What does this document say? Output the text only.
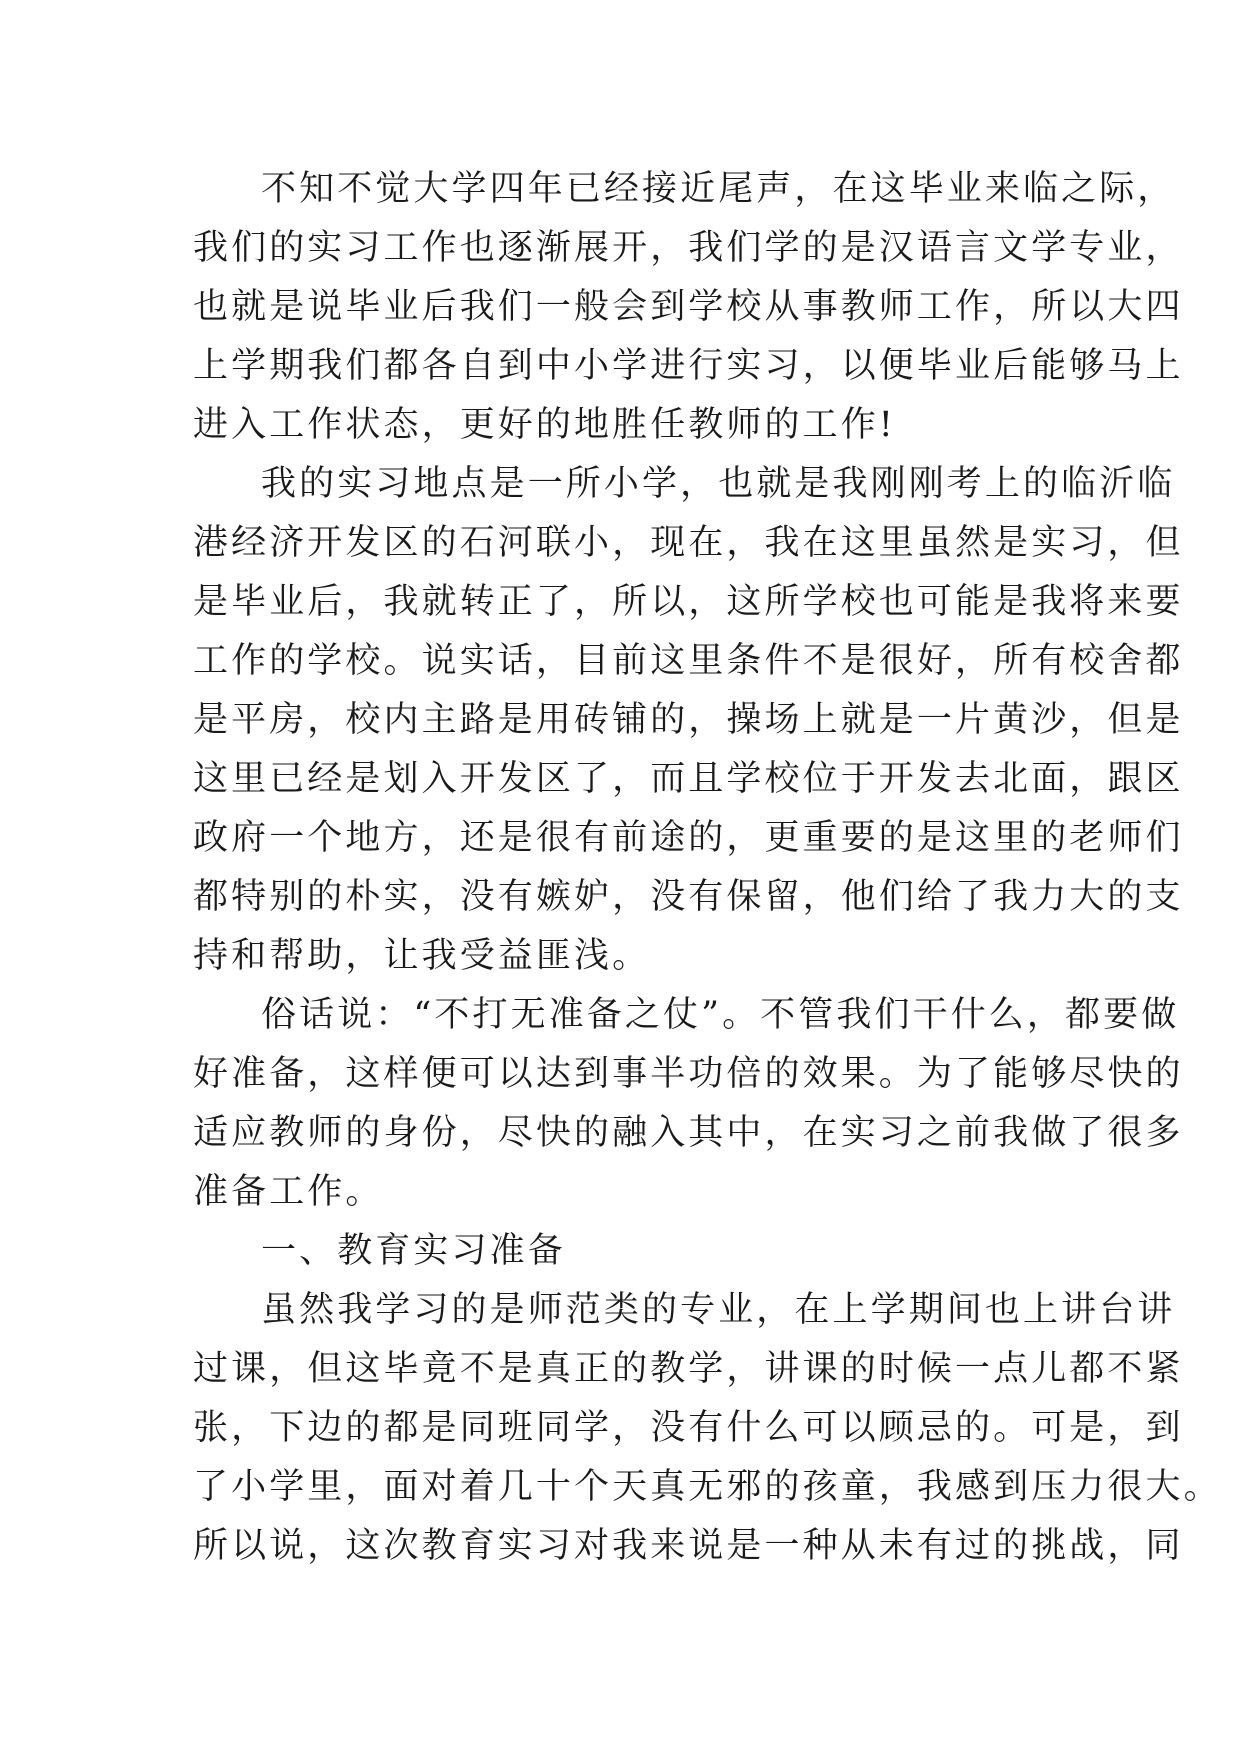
不知不觉大学四年已经接近尾声，在这毕业来临之际，
我们的实习工作也逐渐展开，我们学的是汉语言文学专业，
也就是说毕业后我们一般会到学校从事教师工作，所以大四
上学期我们都各自到中小学进行实习，以便毕业后能够马上
进入工作状态，更好的地胜任教师的工作!
我的实习地点是一所小学，也就是我刚刚考上的临沂临
港经济开发区的石河联小，现在，我在这里虽然是实习，但
是毕业后，我就转正了，所以，这所学校也可能是我将来要
工作的学校。说实话，目前这里条件不是很好，所有校舍都
是平房，校内主路是用砖铺的，操场上就是一片黄沙，但是
这里已经是划入开发区了，而且学校位于开发去北面，跟区
政府一个地方，还是很有前途的，更重要的是这里的老师们
都特别的朴实，没有嫉妒，没有保留，他们给了我力大的支
持和帮助，让我受益匪浅。
俗话说：“不打无准备之仗”。不管我们干什么，都要做
好准备，这样便可以达到事半功倍的效果。为了能够尽快的
适应教师的身份，尽快的融入其中，在实习之前我做了很多
准备工作。
一、教育实习准备
虽然我学习的是师范类的专业，在上学期间也上讲台讲
过课，但这毕竟不是真正的教学，讲课的时候一点儿都不紧
张，下边的都是同班同学，没有什么可以顾忌的。可是，到
了小学里，面对着几十个天真无邪的孩童，我感到压力很大。
所以说，这次教育实习对我来说是一种从未有过的挑战，同
